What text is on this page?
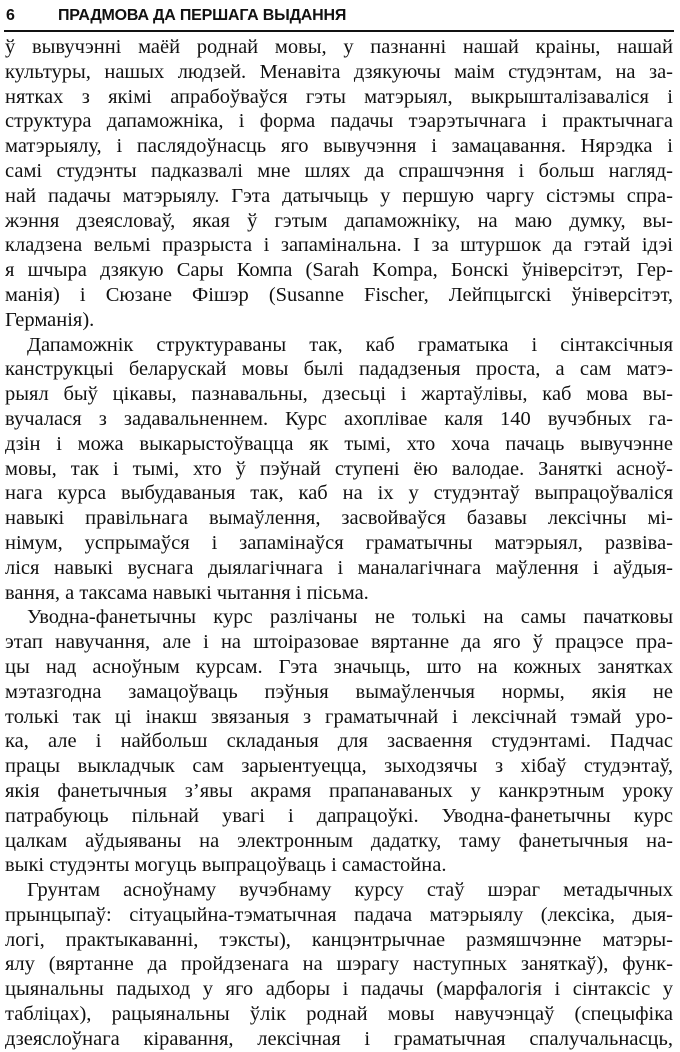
6	ПРАДМОВА ДА ПЕРШАГА ВЫДАННЯ
ў вывучэнні маёй роднай мовы, у пазнанні нашай краіны, нашай
культуры, нашых людзей. Менавіта дзякуючы маім студэнтам, на за-
нятках з якімі апрабоўваўся гэты матэрыял, выкрышталізаваліся і
структура дапаможніка, і форма падачы тэарэтычнага і практычнага
матэрыялу, і паслядоўнасць яго вывучэння і замацавання. Нярэдка і
самі студэнты падказвалі мне шлях да спрашчэння і больш нагляд-
най падачы матэрыялу. Гэта датычыць у першую чаргу сістэмы спра-
жэння дзеясловаў, якая ў гэтым дапаможніку, на маю думку, вы-
кладзена вельмі празрыста і запамінальна. І за штуршок да гэтай ідэі
я шчыра дзякую Сары Компа (Sarah Kompa, Бонскі ўніверсітэт, Гер-
манія) і Сюзане Фішэр (Susanne Fischer, Лейпцыгскі ўніверсітэт,
Германія).
Дапаможнік структураваны так, каб граматыка і сінтаксічныя
канструкцыі беларускай мовы былі пададзеныя проста, а сам матэ-
рыял быў цікавы, пазнавальны, дзесьці і жартаўлівы, каб мова вы-
вучалася з задавальненнем. Курс ахоплівае каля 140 вучэбных га-
дзін і можа выкарыстоўвацца як тымі, хто хоча пачаць вывучэнне
мовы, так і тымі, хто ў пэўнай ступені ёю валодае. Заняткі асноў-
нага курса выбудаваныя так, каб на іх у студэнтаў выпрацоўваліся
навыкі правільнага вымаўлення, засвойваўся базавы лексічны мі-
німум, успрымаўся і запамінаўся граматычны матэрыял, развіва-
ліся навыкі вуснага дыялагічнага і маналагічнага маўлення і аўдыя-
вання, а таксама навыкі чытання і пісьма.
Уводна-фанетычны курс разлічаны не толькі на самы пачатковы
этап навучання, але і на штоіразовае вяртанне да яго ў працэсе пра-
цы над асноўным курсам. Гэта значыць, што на кожных занятках
мэтазгодна замацоўваць пэўныя вымаўленчыя нормы, якія не
толькі так ці інакш звязаныя з граматычнай і лексічнай тэмай уро-
ка, але і найбольш складаныя для засваення студэнтамі. Падчас
працы выкладчык сам зарыентуецца, зыходзячы з хібаў студэнтаў,
якія фанетычныя з’явы акрамя прапанаваных у канкрэтным уроку
патрабуюць пільнай увагі і дапрацоўкі. Уводна-фанетычны курс
цалкам аўдыяваны на электронным дадатку, таму фанетычныя на-
выкі студэнты могуць выпрацоўваць і самастойна.
Грунтам асноўнаму вучэбнаму курсу стаў шэраг метадычных
прынцыпаў: сітуацыйна-тэматычная падача матэрыялу (лексіка, дыя-
логі, практыкаванні, тэксты), канцэнтрычнае размяшчэнне матэры-
ялу (вяртанне да пройдзенага на шэрагу наступных заняткаў), функ-
цыянальны падыход у яго адборы і падачы (марфалогія і сінтаксіс у
табліцах), рацыянальны ўлік роднай мовы навучэнцаў (спецыфіка
дзеяслоўнага кіравання, лексічная і граматычная спалучальнасць,
